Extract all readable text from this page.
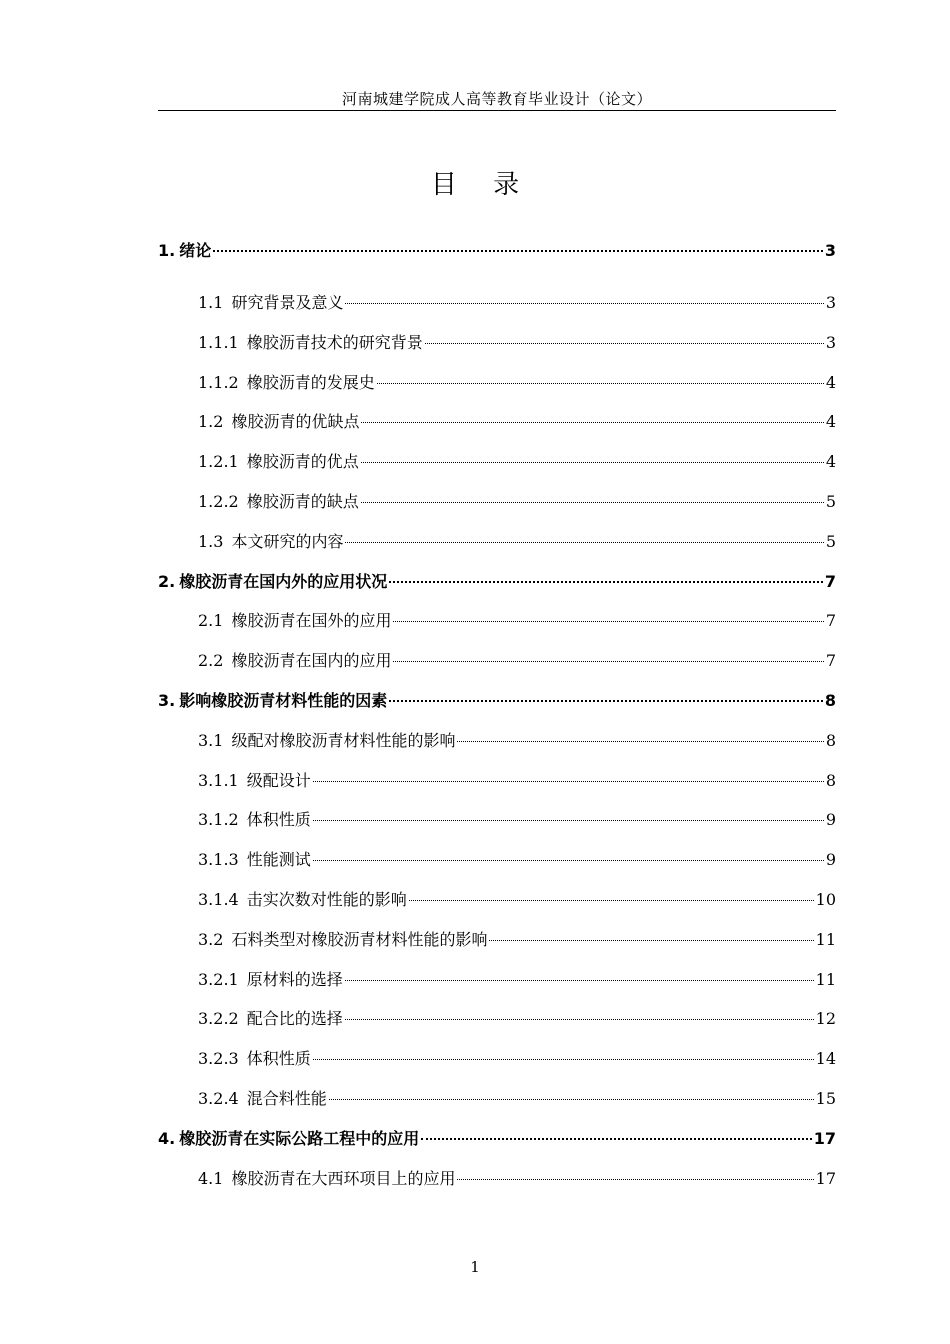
河南城建学院成人高等教育毕业设计（论文）
目 录
1. 绪论	3
1.1 研究背景及意义	3
1.1.1 橡胶沥青技术的研究背景	3
1.1.2 橡胶沥青的发展史	4
1.2 橡胶沥青的优缺点	4
1.2.1 橡胶沥青的优点	4
1.2.2 橡胶沥青的缺点	5
1.3 本文研究的内容	5
2. 橡胶沥青在国内外的应用状况	7
2.1 橡胶沥青在国外的应用	7
2.2 橡胶沥青在国内的应用	7
3. 影响橡胶沥青材料性能的因素	8
3.1 级配对橡胶沥青材料性能的影响	8
3.1.1 级配设计	8
3.1.2 体积性质	9
3.1.3 性能测试	9
3.1.4 击实次数对性能的影响	10
3.2 石料类型对橡胶沥青材料性能的影响	11
3.2.1 原材料的选择	11
3.2.2 配合比的选择	12
3.2.3 体积性质	14
3.2.4 混合料性能	15
4. 橡胶沥青在实际公路工程中的应用	17
4.1 橡胶沥青在大西环项目上的应用	17
1
